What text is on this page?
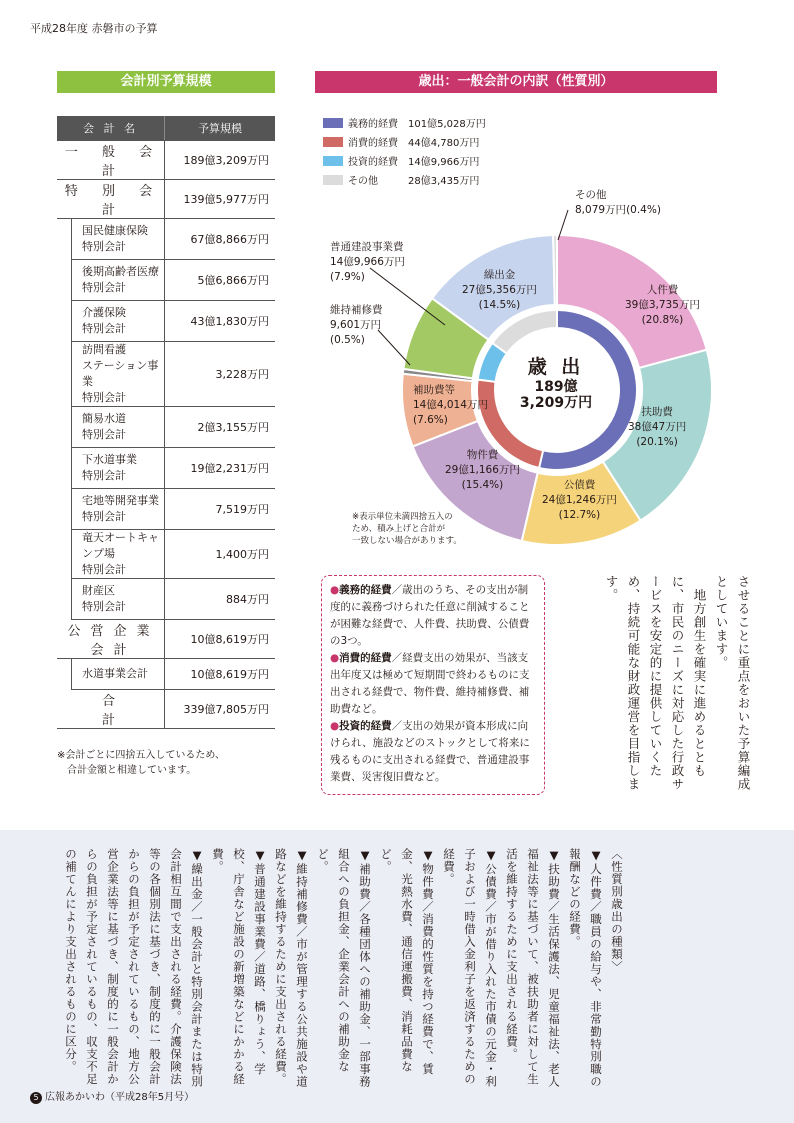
平成28年度 赤磐市の予算
会計別予算規模	歳出：一般会計の内訳（性質別）
会 計 名		予算規模
一 般 会 計		189億3,209万円
特 別 会 計		139億5,977万円
	国民健康保険
特別会計	67億8,866万円
	後期高齢者医療
特別会計	5億6,866万円
	介護保険
特別会計	43億1,830万円
	訪問看護
ステーション事業
特別会計	3,228万円
	簡易水道
特別会計	2億3,155万円
	下水道事業
特別会計	19億2,231万円
	宅地等開発事業
特別会計	7,519万円
	竜天オートキャンプ場
特別会計	1,400万円
	財産区
特別会計	884万円
公営企業会計		10億8,619万円
	水道事業会計	10億8,619万円
合　　　計		339億7,805万円
※会計ごとに四捨五入しているため、
　合計金額と相違しています。
義務的経費　 101億5,028万円
消費的経費　 44億4,780万円
投資的経費　 14億9,966万円
その他　　　	28億3,435万円
人件費
39億3,735万円
(20.8%)
扶助費
38億47万円
(20.1%)
公債費
24億1,246万円
(12.7%)
物件費
29億1,166万円
(15.4%)
補助費等
14億4,014万円
(7.6%)
維持補修費
9,601万円
(0.5%)
普通建設事業費
14億9,966万円
(7.9%)	繰出金
27億5,356万円
(14.5%)
その他
8,079万円(0.4%)
歳 出
189億
3,209万円
※表示単位未満四捨五入の
ため、積み上げと合計が
一致しない場合があります。

●義務的経費／歳出のうち、その支出が制度的に義務づけられた任意に削減することが困難な経費で、人件費、扶助費、公債費の3つ。

●消費的経費／経費支出の効果が、当該支出年度又は極めて短期間で終わるものに支出される経費で、物件費、維持補修費、補助費など。

●投資的経費／支出の効果が資本形成に向けられ、施設などのストックとして将来に残るものに支出される経費で、普通建設事業費、災害復旧費など。	させることに重点をおいた予算編成としています。
　地方創生を確実に進めるとともに、市民のニーズに対応した行政サービスを安定的に提供していくため、持続可能な財政運営を目指します。
〈性質別歳出の種類〉
▼人件費／職員の給与や、非常勤特別職の報酬などの経費。
▼扶助費／生活保護法、児童福祉法、老人福祉法等に基づいて、被扶助者に対して生活を維持するために支出される経費。
▼公債費／市が借り入れた市債の元金・利子および一時借入金利子を返済するための経費。
▼物件費／消費的性質を持つ経費で、賃金、光熱水費、通信運搬費、消耗品費など。
▼補助費／各種団体への補助金、一部事務組合への負担金、企業会計への補助金など。
▼維持補修費／市が管理する公共施設や道路などを維持するために支出される経費。
▼普通建設事業費／道路、橋りょう、学校、庁舎など施設の新増築などにかかる経費。
▼繰出金／一般会計と特別会計または特別会計相互間で支出される経費。介護保険法等の各個別法に基づき、制度的に一般会計からの負担が予定されているもの、地方公営企業法等に基づき、制度的に一般会計からの負担が予定されているもの、収支不足の補てんにより支出されるものに区分。
5 広報あかいわ（平成28年5月号）
